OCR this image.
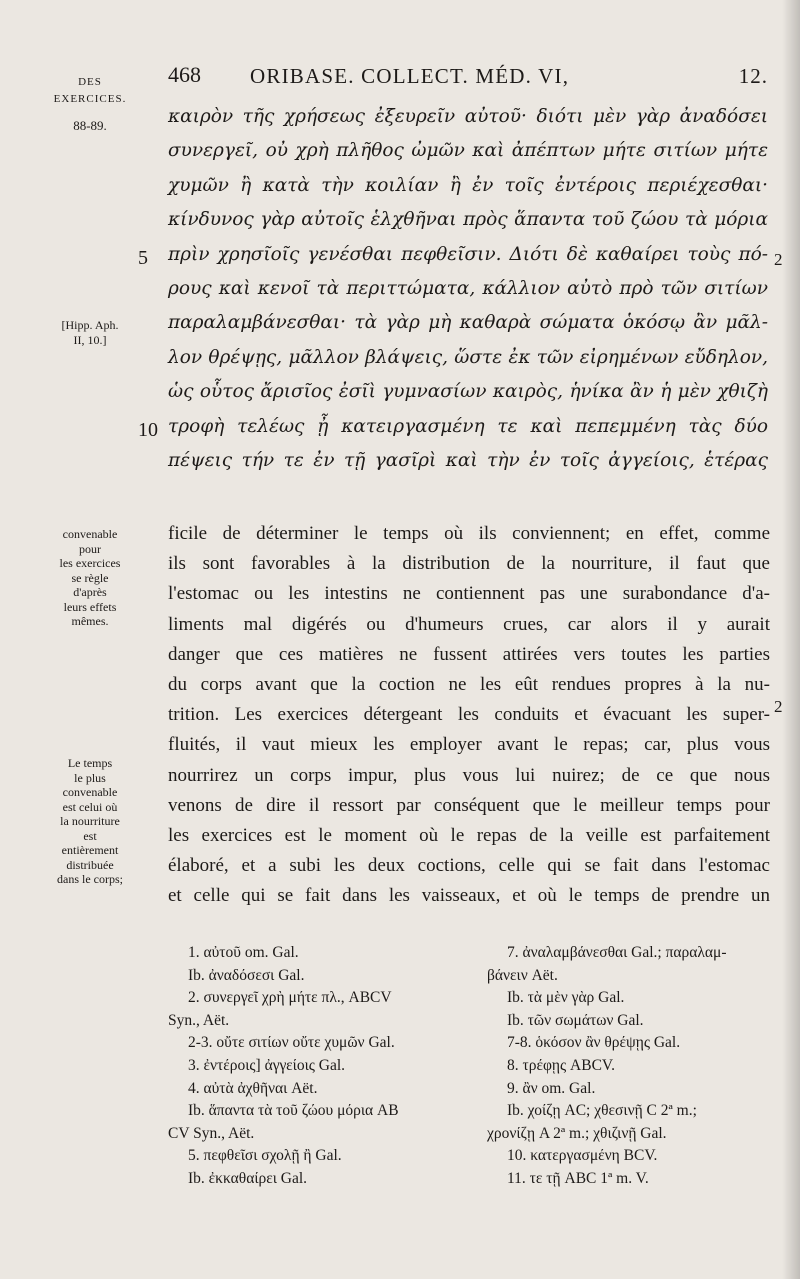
DES
EXERCICES.
88-89.
[Hipp. Aph.
II, 10.]
convenable
pour
les exercices
se règle
d'après
leurs effets
mêmes.
Le temps
le plus
convenable
est celui où
la nourriture
est
entièrement
distribuée
dans le corps;
468 ORIBASE. COLLECT. MÉD. VI,	12.
5
10
2
καιρὸν τῆς χρήσεως ἐξευρεῖν αὐτοῦ· διότι μὲν γὰρ ἀναδόσει
συνεργεῖ, οὐ χρὴ πλῆθος ὠμῶν καὶ ἀπέπτων μήτε σιτίων μήτε
χυμῶν ἢ κατὰ τὴν κοιλίαν ἢ ἐν τοῖς ἐντέροις περιέχεσθαι·
κίνδυνος γὰρ αὐτοῖς ἑλχθῆναι πρὸς ἅπαντα τοῦ ζώου τὰ μόρια
πρὶν χρησῖοῖς γενέσθαι πεφθεῖσιν. Διότι δὲ καθαίρει τοὺς πό-
ρους καὶ κενοῖ τὰ περιττώματα, κάλλιον αὐτὸ πρὸ τῶν σιτίων
παραλαμβάνεσθαι· τὰ γὰρ μὴ καθαρὰ σώματα ὁκόσῳ ἂν μᾶλ-
λον θρέψῃς, μᾶλλον βλάψεις, ὥστε ἐκ τῶν εἰρημένων εὔδηλον,
ὡς οὗτος ἄρισῖος ἐσῖὶ γυμνασίων καιρὸς, ἡνίκα ἂν ἡ μὲν χθιζὴ
τροφὴ τελέως ᾖ κατειργασμένη τε καὶ πεπεμμένη τὰς δύο
πέψεις τήν τε ἐν τῇ γασῖρὶ καὶ τὴν ἐν τοῖς ἀγγείοις, ἑτέρας
2
ficile de déterminer le temps où ils conviennent; en effet, comme
ils sont favorables à la distribution de la nourriture, il faut que
l'estomac ou les intestins ne contiennent pas une surabondance d'a-
liments mal digérés ou d'humeurs crues, car alors il y aurait
danger que ces matières ne fussent attirées vers toutes les parties
du corps avant que la coction ne les eût rendues propres à la nu-
trition. Les exercices détergeant les conduits et évacuant les super-
fluités, il vaut mieux les employer avant le repas; car, plus vous
nourrirez un corps impur, plus vous lui nuirez; de ce que nous
venons de dire il ressort par conséquent que le meilleur temps pour
les exercices est le moment où le repas de la veille est parfaitement
élaboré, et a subi les deux coctions, celle qui se fait dans l'estomac
et celle qui se fait dans les vaisseaux, et où le temps de prendre un
1. αὐτοῦ om. Gal.
Ib. ἀναδόσεσι Gal.
2. συνεργεῖ χρὴ μήτε πλ., ABCV
Syn., Aët.
2-3. οὔτε σιτίων οὔτε χυμῶν Gal.
3. ἐντέροις] ἀγγείοις Gal.
4. αὐτὰ ἀχθῆναι Aët.
Ib. ἅπαντα τὰ τοῦ ζώου μόρια AB
CV Syn., Aët.
5. πεφθεῖσι σχολῇ ἢ Gal.
Ib. ἐκκαθαίρει Gal.
7. ἀναλαμβάνεσθαι Gal.; παραλαμ-
βάνειν Aët.
Ib. τὰ μὲν γὰρ Gal.
Ib. τῶν σωμάτων Gal.
7-8. ὁκόσον ἂν θρέψῃς Gal.
8. τρέφῃς ABCV.
9. ἂν om. Gal.
Ib. χοίζῃ AC; χθεσινῇ C 2ª m.;
χρονίζῃ A 2ª m.; χθιζινῇ Gal.
10. κατεργασμένη BCV.
11. τε τῇ ABC 1ª m. V.
